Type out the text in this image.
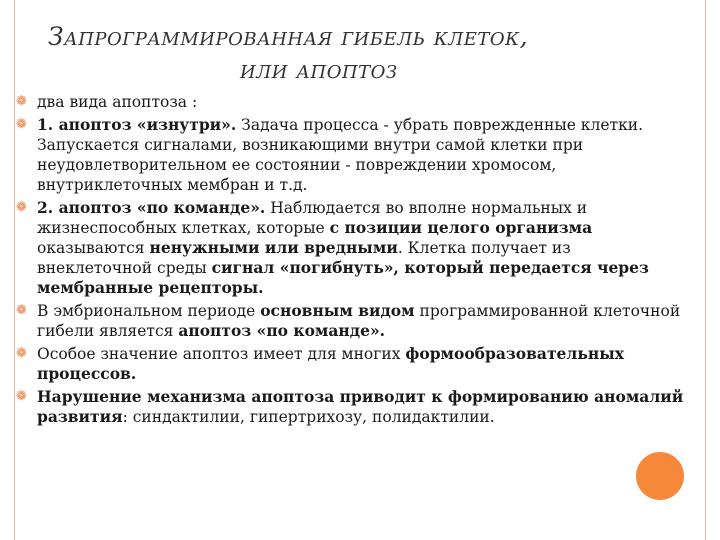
Запрограммированная гибель клеток,
или апоптоз
❁ два вида апоптоза :
❁ 1. апоптоз «изнутри». Задача процесса - убрать поврежденные клетки. Запускается сигналами, возникающими внутри самой клетки при неудовлетворительном ее состоянии - повреждении хромосом, внутриклеточных мембран и т.д.
❁ 2. апоптоз «по команде». Наблюдается во вполне нормальных и жизнеспособных клетках, которые с позиции целого организма оказываются ненужными или вредными. Клетка получает из внеклеточной среды сигнал «погибнуть», который передается через мембранные рецепторы.
❁ В эмбриональном периоде основным видом программированной клеточной гибели является апоптоз «по команде».
❁ Особое значение апоптоз имеет для многих формообразовательных процессов.
❁ Нарушение механизма апоптоза приводит к формированию аномалий развития: синдактилии, гипертрихозу, полидактилии.
